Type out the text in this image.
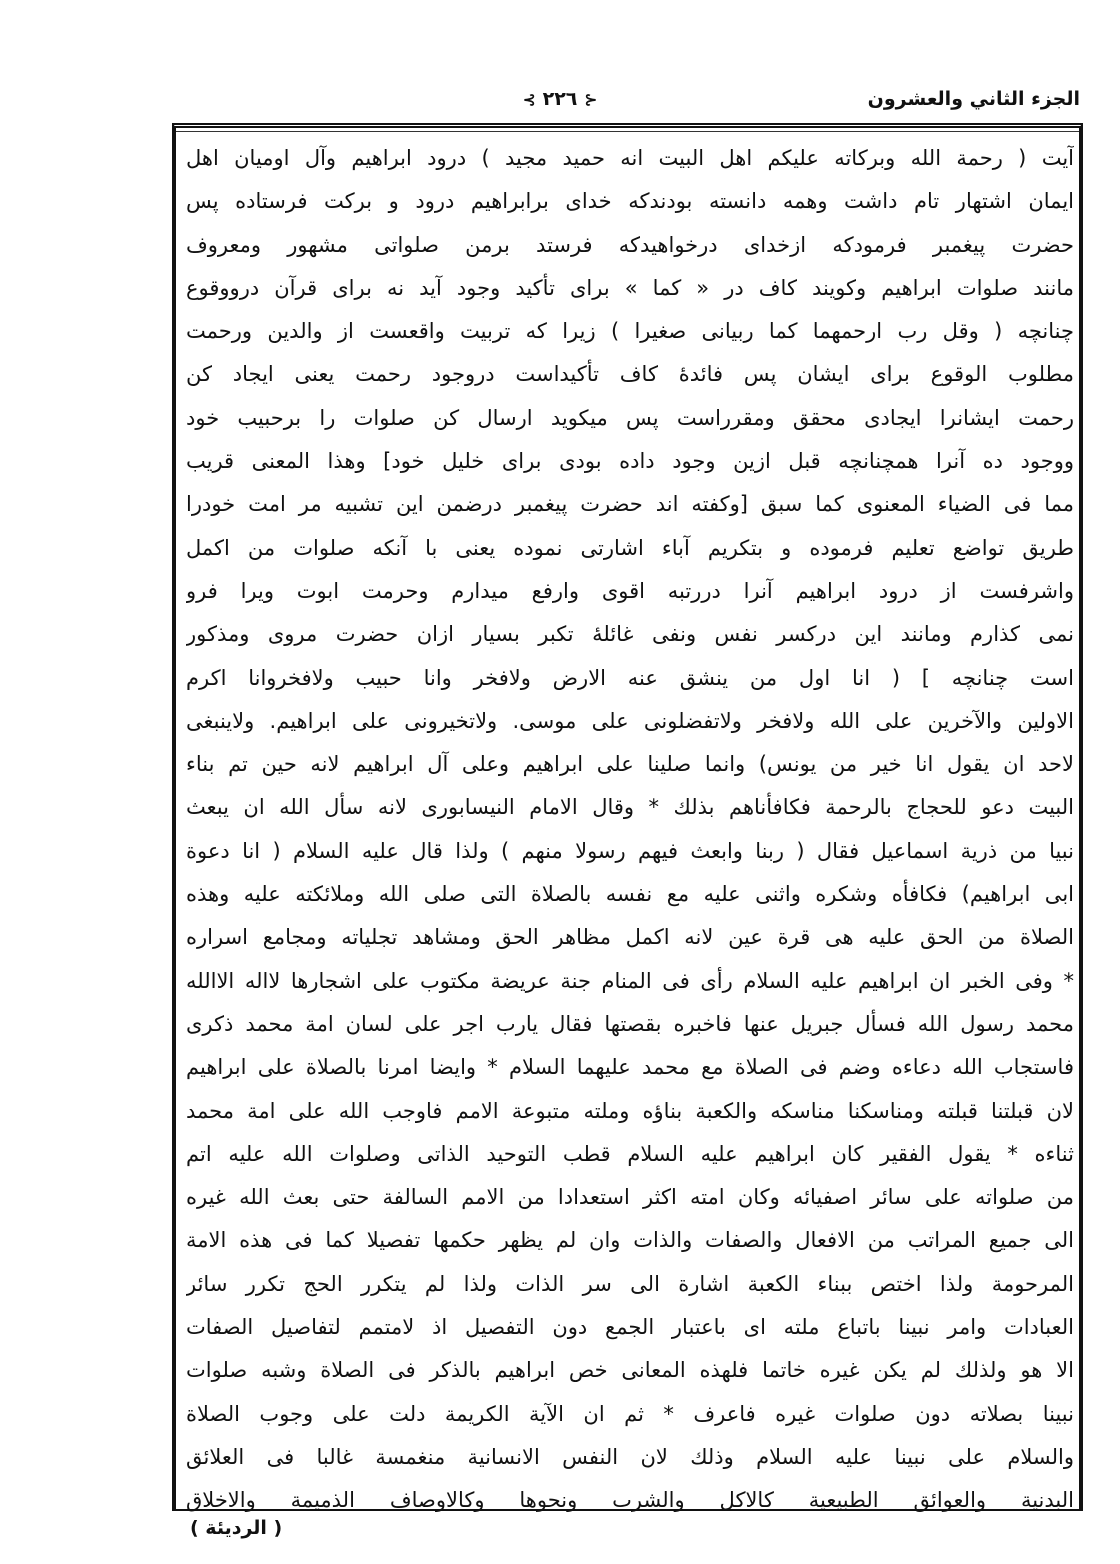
الجزء الثاني والعشرون
⊰ ٢٢٦ ⊱
آيت ( رحمة الله وبركاته عليكم اهل البيت انه حميد مجيد ) درود ابراهيم وآل اوميان اهل
ايمان اشتهار تام داشت وهمه دانسته بودندكه خداى برابراهيم درود و بركت فرستاده پس
حضرت پيغمبر فرمودكه ازخداى درخواهيدكه فرستد برمن صلواتى مشهور ومعروف
مانند صلوات ابراهيم وكويند كاف در « كما » براى تأكيد وجود آيد نه براى قرآن درووقوع
چنانچه ( وقل رب ارحمهما كما ربيانى صغيرا ) زيرا كه تربيت واقعست از والدين ورحمت
مطلوب الوقوع براى ايشان پس فائدهٔ كاف تأكيداست دروجود رحمت يعنى ايجاد كن
رحمت ايشانرا ايجادى محقق ومقرراست پس ميكويد ارسال كن صلوات را برحبيب خود
ووجود ده آنرا همچنانچه قبل ازين وجود داده بودى براى خليل خود] وهذا المعنى قريب
مما فى الضياء المعنوى كما سبق [وكفته اند حضرت پيغمبر درضمن اين تشبيه مر امت خودرا
طريق تواضع تعليم فرموده و بتكريم آباء اشارتى نموده يعنى با آنكه صلوات من اكمل
واشرفست از درود ابراهيم آنرا دررتبه اقوى وارفع ميدارم وحرمت ابوت ويرا فرو
نمى كذارم ومانند اين دركسر نفس ونفى غائلهٔ تكبر بسيار ازان حضرت مروى ومذكور
است چنانچه ] ( انا اول من ينشق عنه الارض ولافخر وانا حبيب ولافخروانا اكرم
الاولين والآخرين على الله ولافخر ولاتفضلونى على موسى. ولاتخيرونى على ابراهيم. ولاينبغى
لاحد ان يقول انا خير من يونس) وانما صلينا على ابراهيم وعلى آل ابراهيم لانه حين تم بناء
البيت دعو للحجاج بالرحمة فكافأناهم بذلك * وقال الامام النيسابورى لانه سأل الله ان يبعث
نبيا من ذرية اسماعيل فقال ( ربنا وابعث فيهم رسولا منهم ) ولذا قال عليه السلام ( انا دعوة
ابى ابراهيم) فكافأه وشكره واثنى عليه مع نفسه بالصلاة التى صلى الله وملائكته عليه وهذه
الصلاة من الحق عليه هى قرة عين لانه اكمل مظاهر الحق ومشاهد تجلياته ومجامع اسراره
* وفى الخبر ان ابراهيم عليه السلام رأى فى المنام جنة عريضة مكتوب على اشجارها لااله الاالله
محمد رسول الله فسأل جبريل عنها فاخبره بقصتها فقال يارب اجر على لسان امة محمد ذكرى
فاستجاب الله دعاءه وضم فى الصلاة مع محمد عليهما السلام * وايضا امرنا بالصلاة على ابراهيم
لان قبلتنا قبلته ومناسكنا مناسكه والكعبة بناؤه وملته متبوعة الامم فاوجب الله على امة محمد
ثناءه * يقول الفقير كان ابراهيم عليه السلام قطب التوحيد الذاتى وصلوات الله عليه اتم
من صلواته على سائر اصفيائه وكان امته اكثر استعدادا من الامم السالفة حتى بعث الله غيره
الى جميع المراتب من الافعال والصفات والذات وان لم يظهر حكمها تفصيلا كما فى هذه الامة
المرحومة ولذا اختص ببناء الكعبة اشارة الى سر الذات ولذا لم يتكرر الحج تكرر سائر
العبادات وامر نبينا باتباع ملته اى باعتبار الجمع دون التفصيل اذ لامتمم لتفاصيل الصفات
الا هو ولذلك لم يكن غيره خاتما فلهذه المعانى خص ابراهيم بالذكر فى الصلاة وشبه صلوات
نبينا بصلاته دون صلوات غيره فاعرف * ثم ان الآية الكريمة دلت على وجوب الصلاة
والسلام على نبينا عليه السلام وذلك لان النفس الانسانية منغمسة غالبا فى العلائق
البدنية والعوائق الطبيعية كالاكل والشرب ونحوها وكالاوصاف الذميمة والاخلاق
( الرديئة )
